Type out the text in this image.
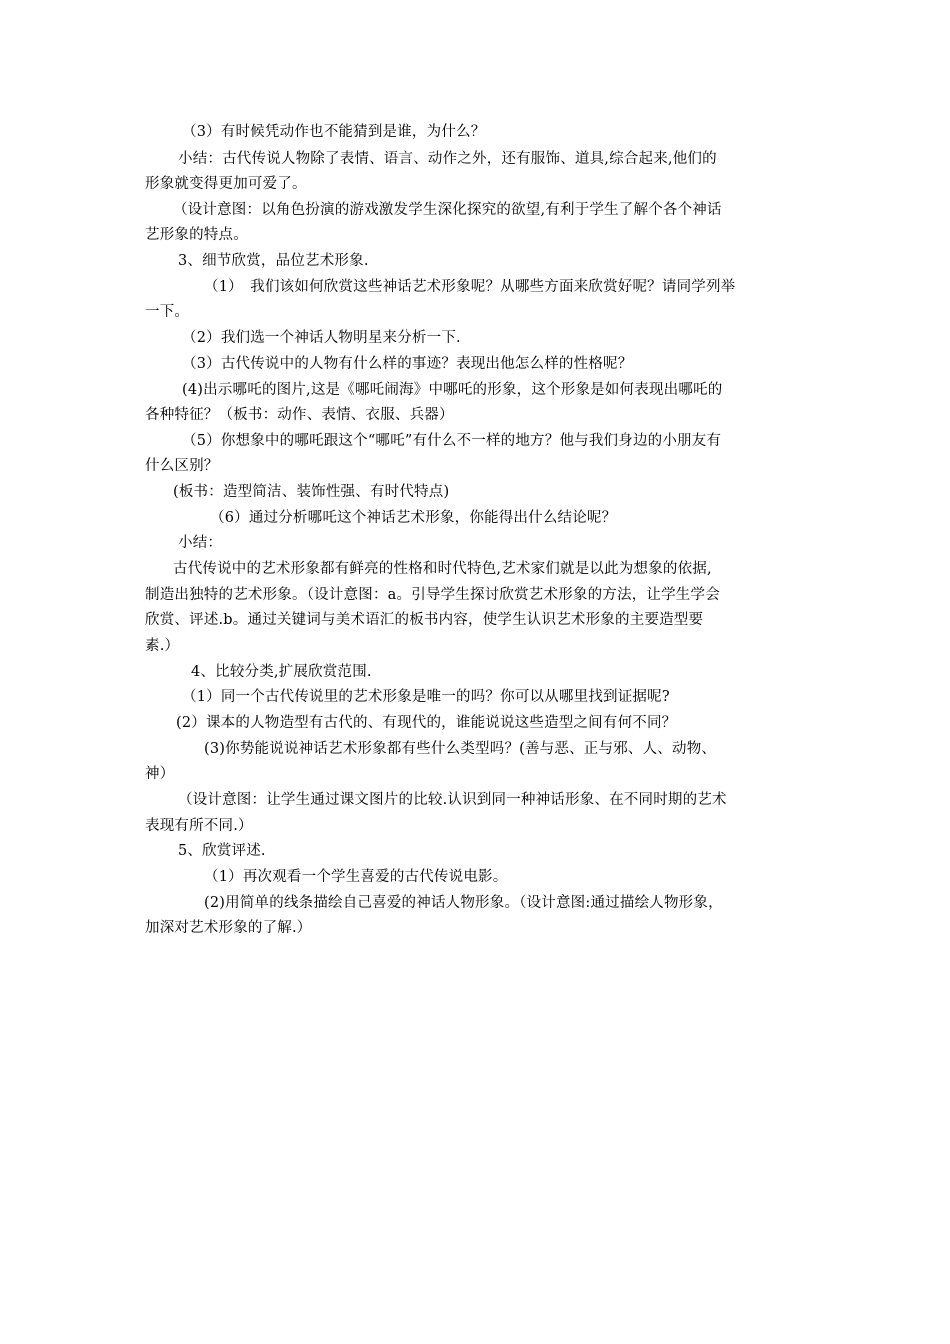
（3）有时候凭动作也不能猜到是谁，为什么？
小结：古代传说人物除了表情、语言、动作之外，还有服饰、道具,综合起来,他们的
形象就变得更加可爱了。
（设计意图：以角色扮演的游戏激发学生深化探究的欲望,有利于学生了解个各个神话
艺形象的特点。
3、细节欣赏，品位艺术形象.
（1）　我们该如何欣赏这些神话艺术形象呢？从哪些方面来欣赏好呢？请同学列举
一下。
（2）我们选一个神话人物明星来分析一下.
（3）古代传说中的人物有什么样的事迹？表现出他怎么样的性格呢？
(4)出示哪吒的图片,这是《哪吒闹海》中哪吒的形象，这个形象是如何表现出哪吒的
各种特征？（板书：动作、表情、衣服、兵器）
（5）你想象中的哪吒跟这个“哪吒”有什么不一样的地方？他与我们身边的小朋友有
什么区别？
(板书：造型简洁、装饰性强、有时代特点)
（6）通过分析哪吒这个神话艺术形象，你能得出什么结论呢？
小结：
古代传说中的艺术形象都有鲜亮的性格和时代特色,艺术家们就是以此为想象的依据,
制造出独特的艺术形象。（设计意图：a。引导学生探讨欣赏艺术形象的方法，让学生学会
欣赏、评述.b。通过关键词与美术语汇的板书内容，使学生认识艺术形象的主要造型要
素.）
4、比较分类,扩展欣赏范围.
（1）同一个古代传说里的艺术形象是唯一的吗？你可以从哪里找到证据呢?
(2）课本的人物造型有古代的、有现代的，谁能说说这些造型之间有何不同？
(3)你势能说说神话艺术形象都有些什么类型吗？(善与恶、正与邪、人、动物、
神）
（设计意图：让学生通过课文图片的比较.认识到同一种神话形象、在不同时期的艺术
表现有所不同.）
5、欣赏评述.
（1）再次观看一个学生喜爱的古代传说电影。
(2)用简单的线条描绘自己喜爱的神话人物形象。（设计意图:通过描绘人物形象，
加深对艺术形象的了解.）
